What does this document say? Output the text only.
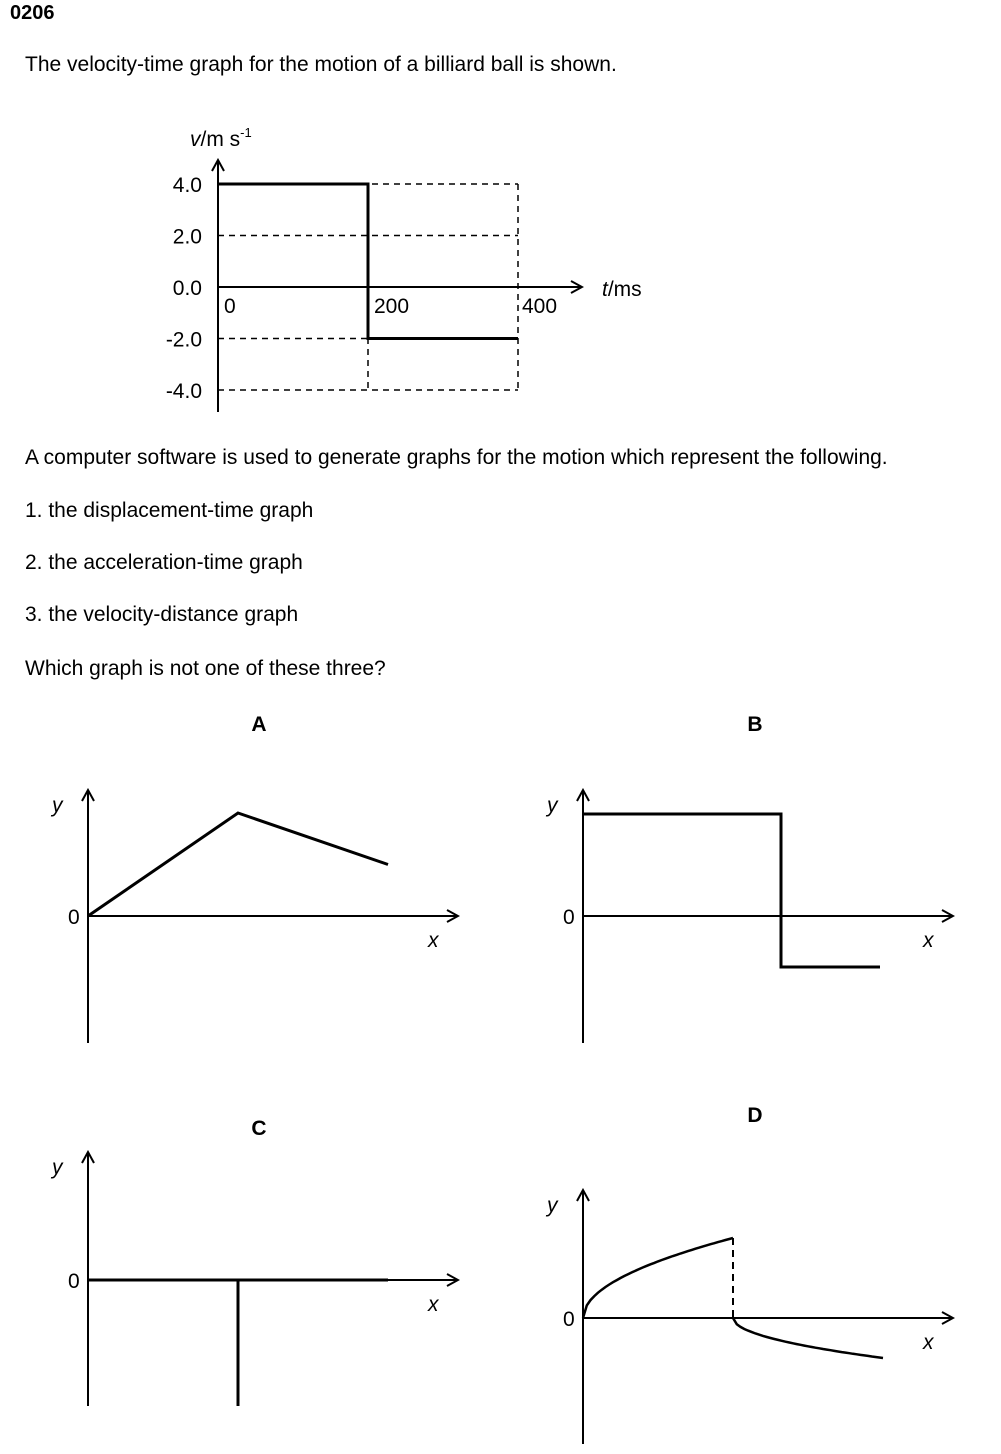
0206
The velocity-time graph for the motion of a billiard ball is shown.
4.0
2.0
0.0
-2.0
-4.0
0	200	400
v/m $s^{-1}$
t/ms
A
y
0
x
B
y
0
x
C
y
0
x
D
y
0
x
A computer software is used to generate graphs for the motion which represent the following.
1. the displacement-time graph
2. the acceleration-time graph
3. the velocity-distance graph
Which graph is not one of these three?
